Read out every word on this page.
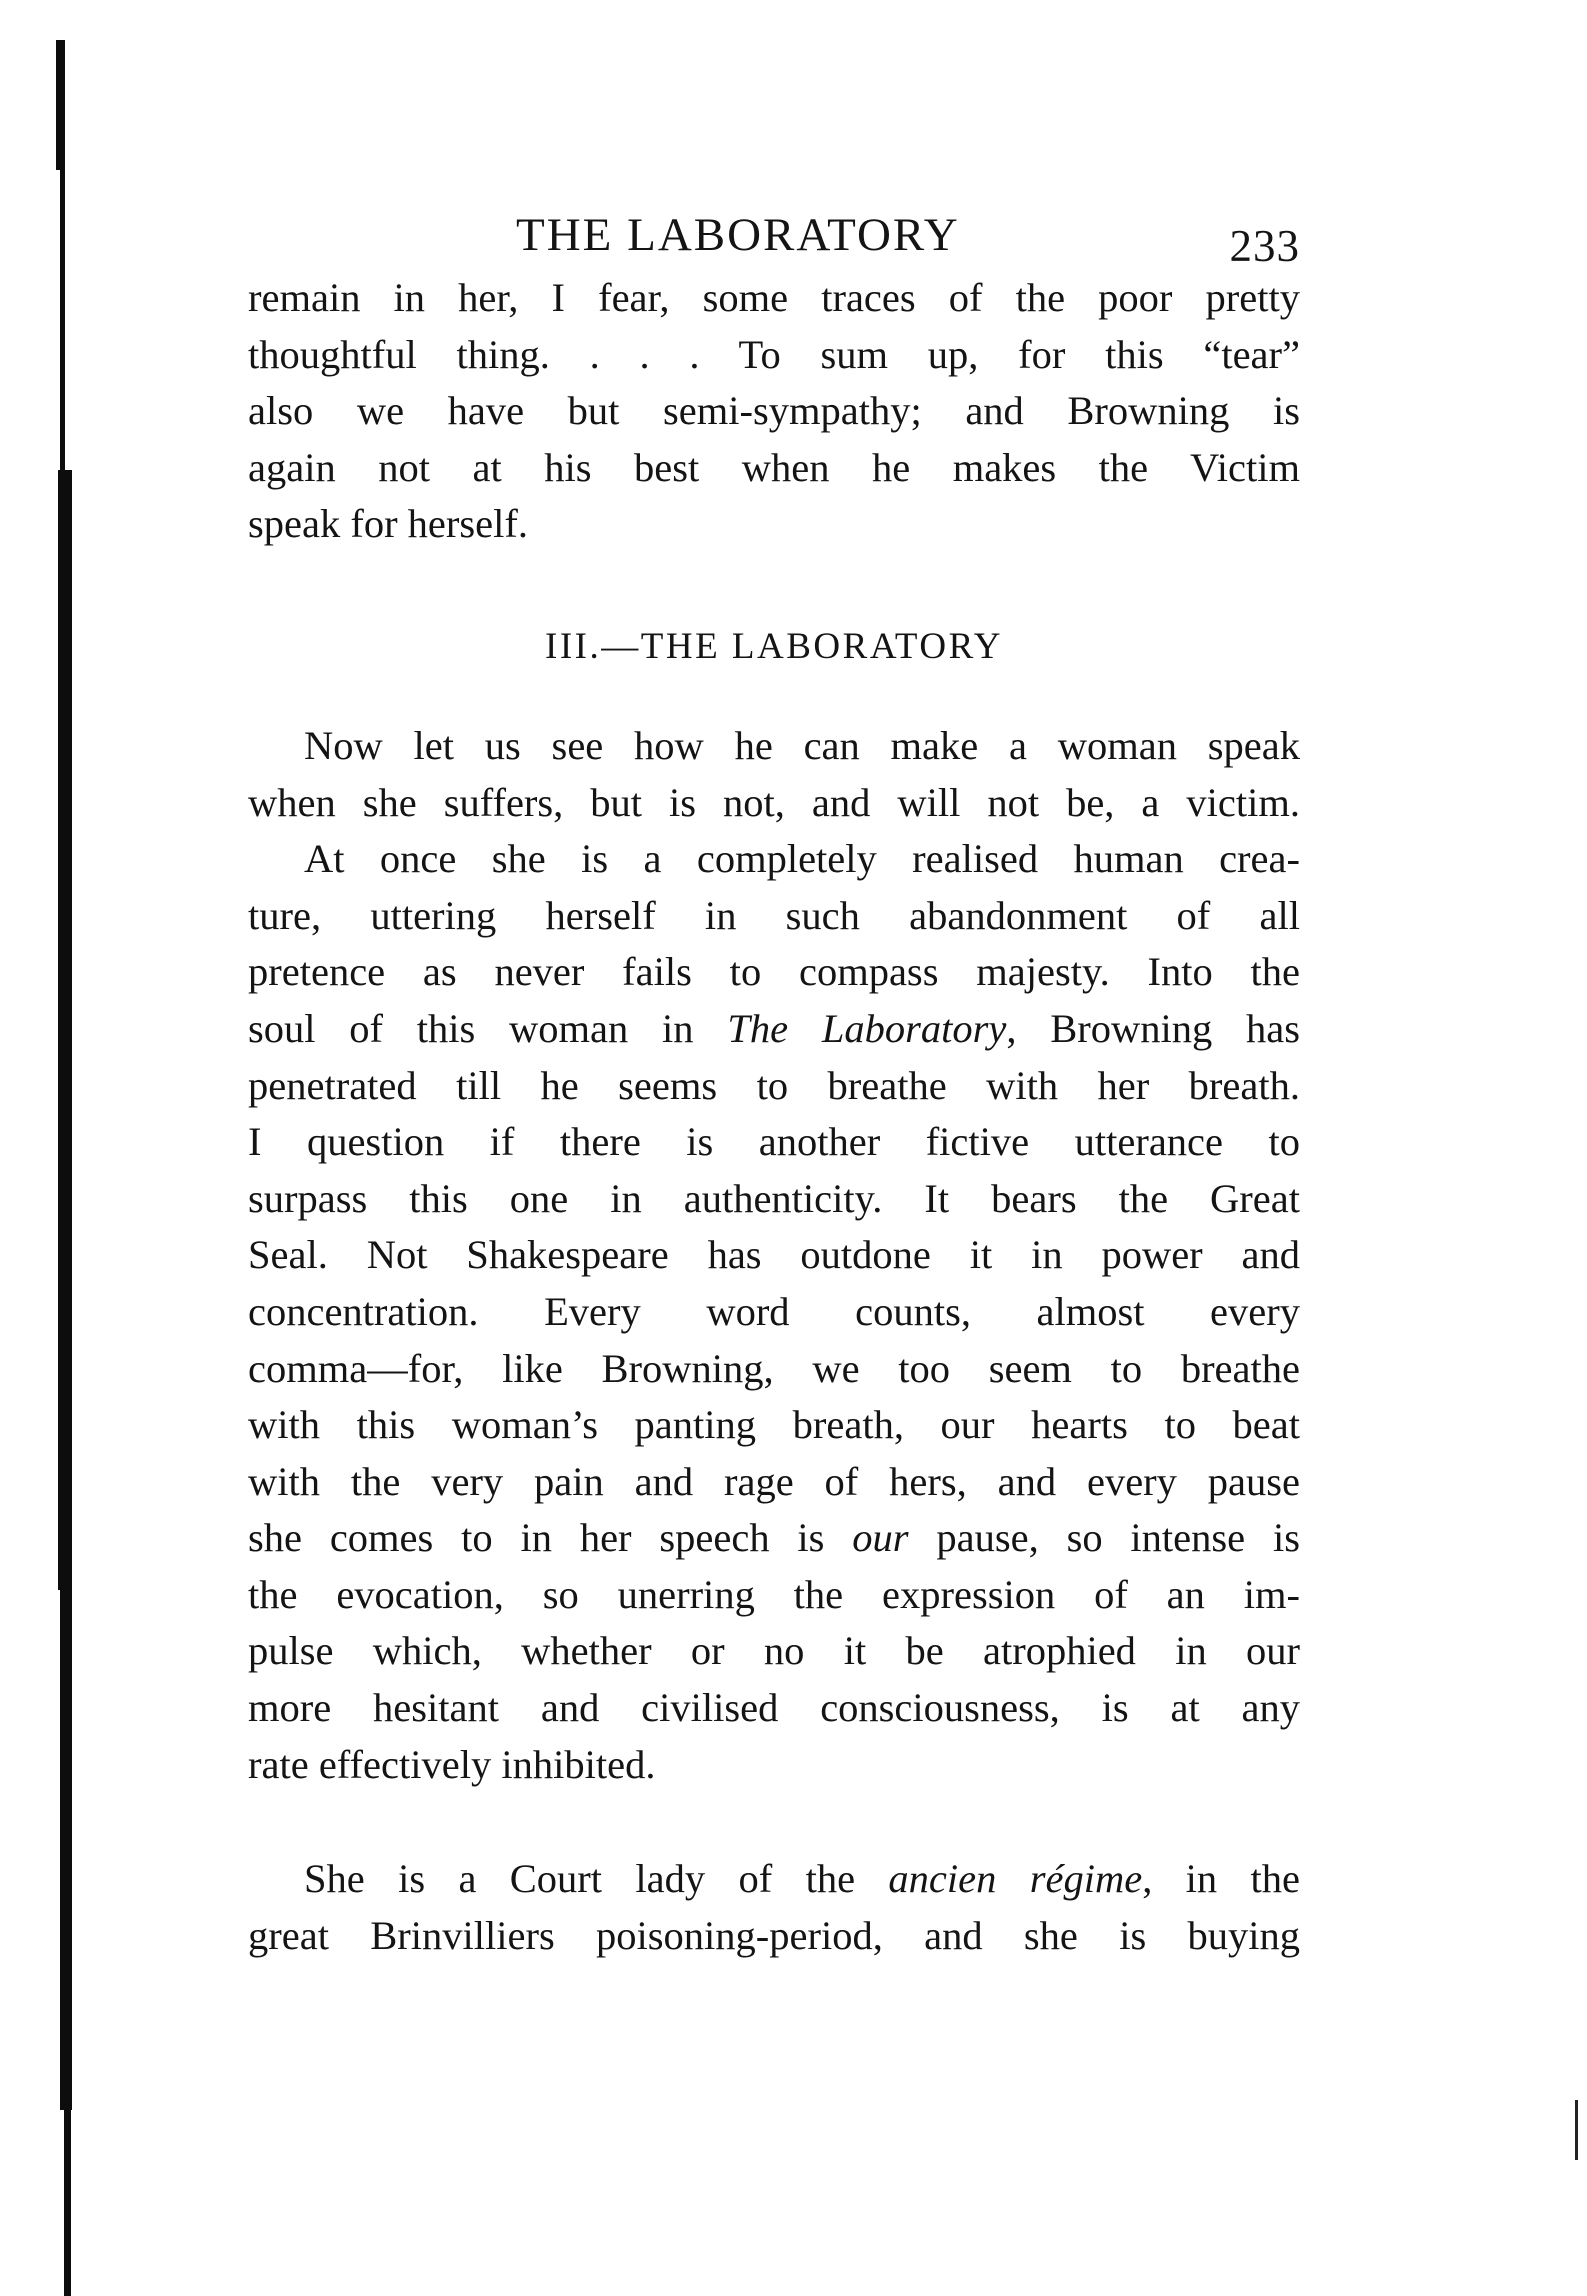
THE LABORATORY	233

remain in her, I fear, some traces of the poor pretty
thoughtful thing. . . . To sum up, for this “tear”
also we have but semi-sympathy; and Browning is
again not at his best when he makes the Victim
speak for herself.

III.—THE LABORATORY

Now let us see how he can make a woman speak
when she suffers, but is not, and will not be, a victim.
At once she is a completely realised human crea-
ture, uttering herself in such abandonment of all
pretence as never fails to compass majesty. Into the
soul of this woman in The Laboratory, Browning has
penetrated till he seems to breathe with her breath.
I question if there is another fictive utterance to
surpass this one in authenticity. It bears the Great
Seal. Not Shakespeare has outdone it in power and
concentration. Every word counts, almost every
comma—for, like Browning, we too seem to breathe
with this woman’s panting breath, our hearts to beat
with the very pain and rage of hers, and every pause
she comes to in her speech is our pause, so intense is
the evocation, so unerring the expression of an im-
pulse which, whether or no it be atrophied in our
more hesitant and civilised consciousness, is at any
rate effectively inhibited.

She is a Court lady of the ancien régime, in the
great Brinvilliers poisoning-period, and she is buying
